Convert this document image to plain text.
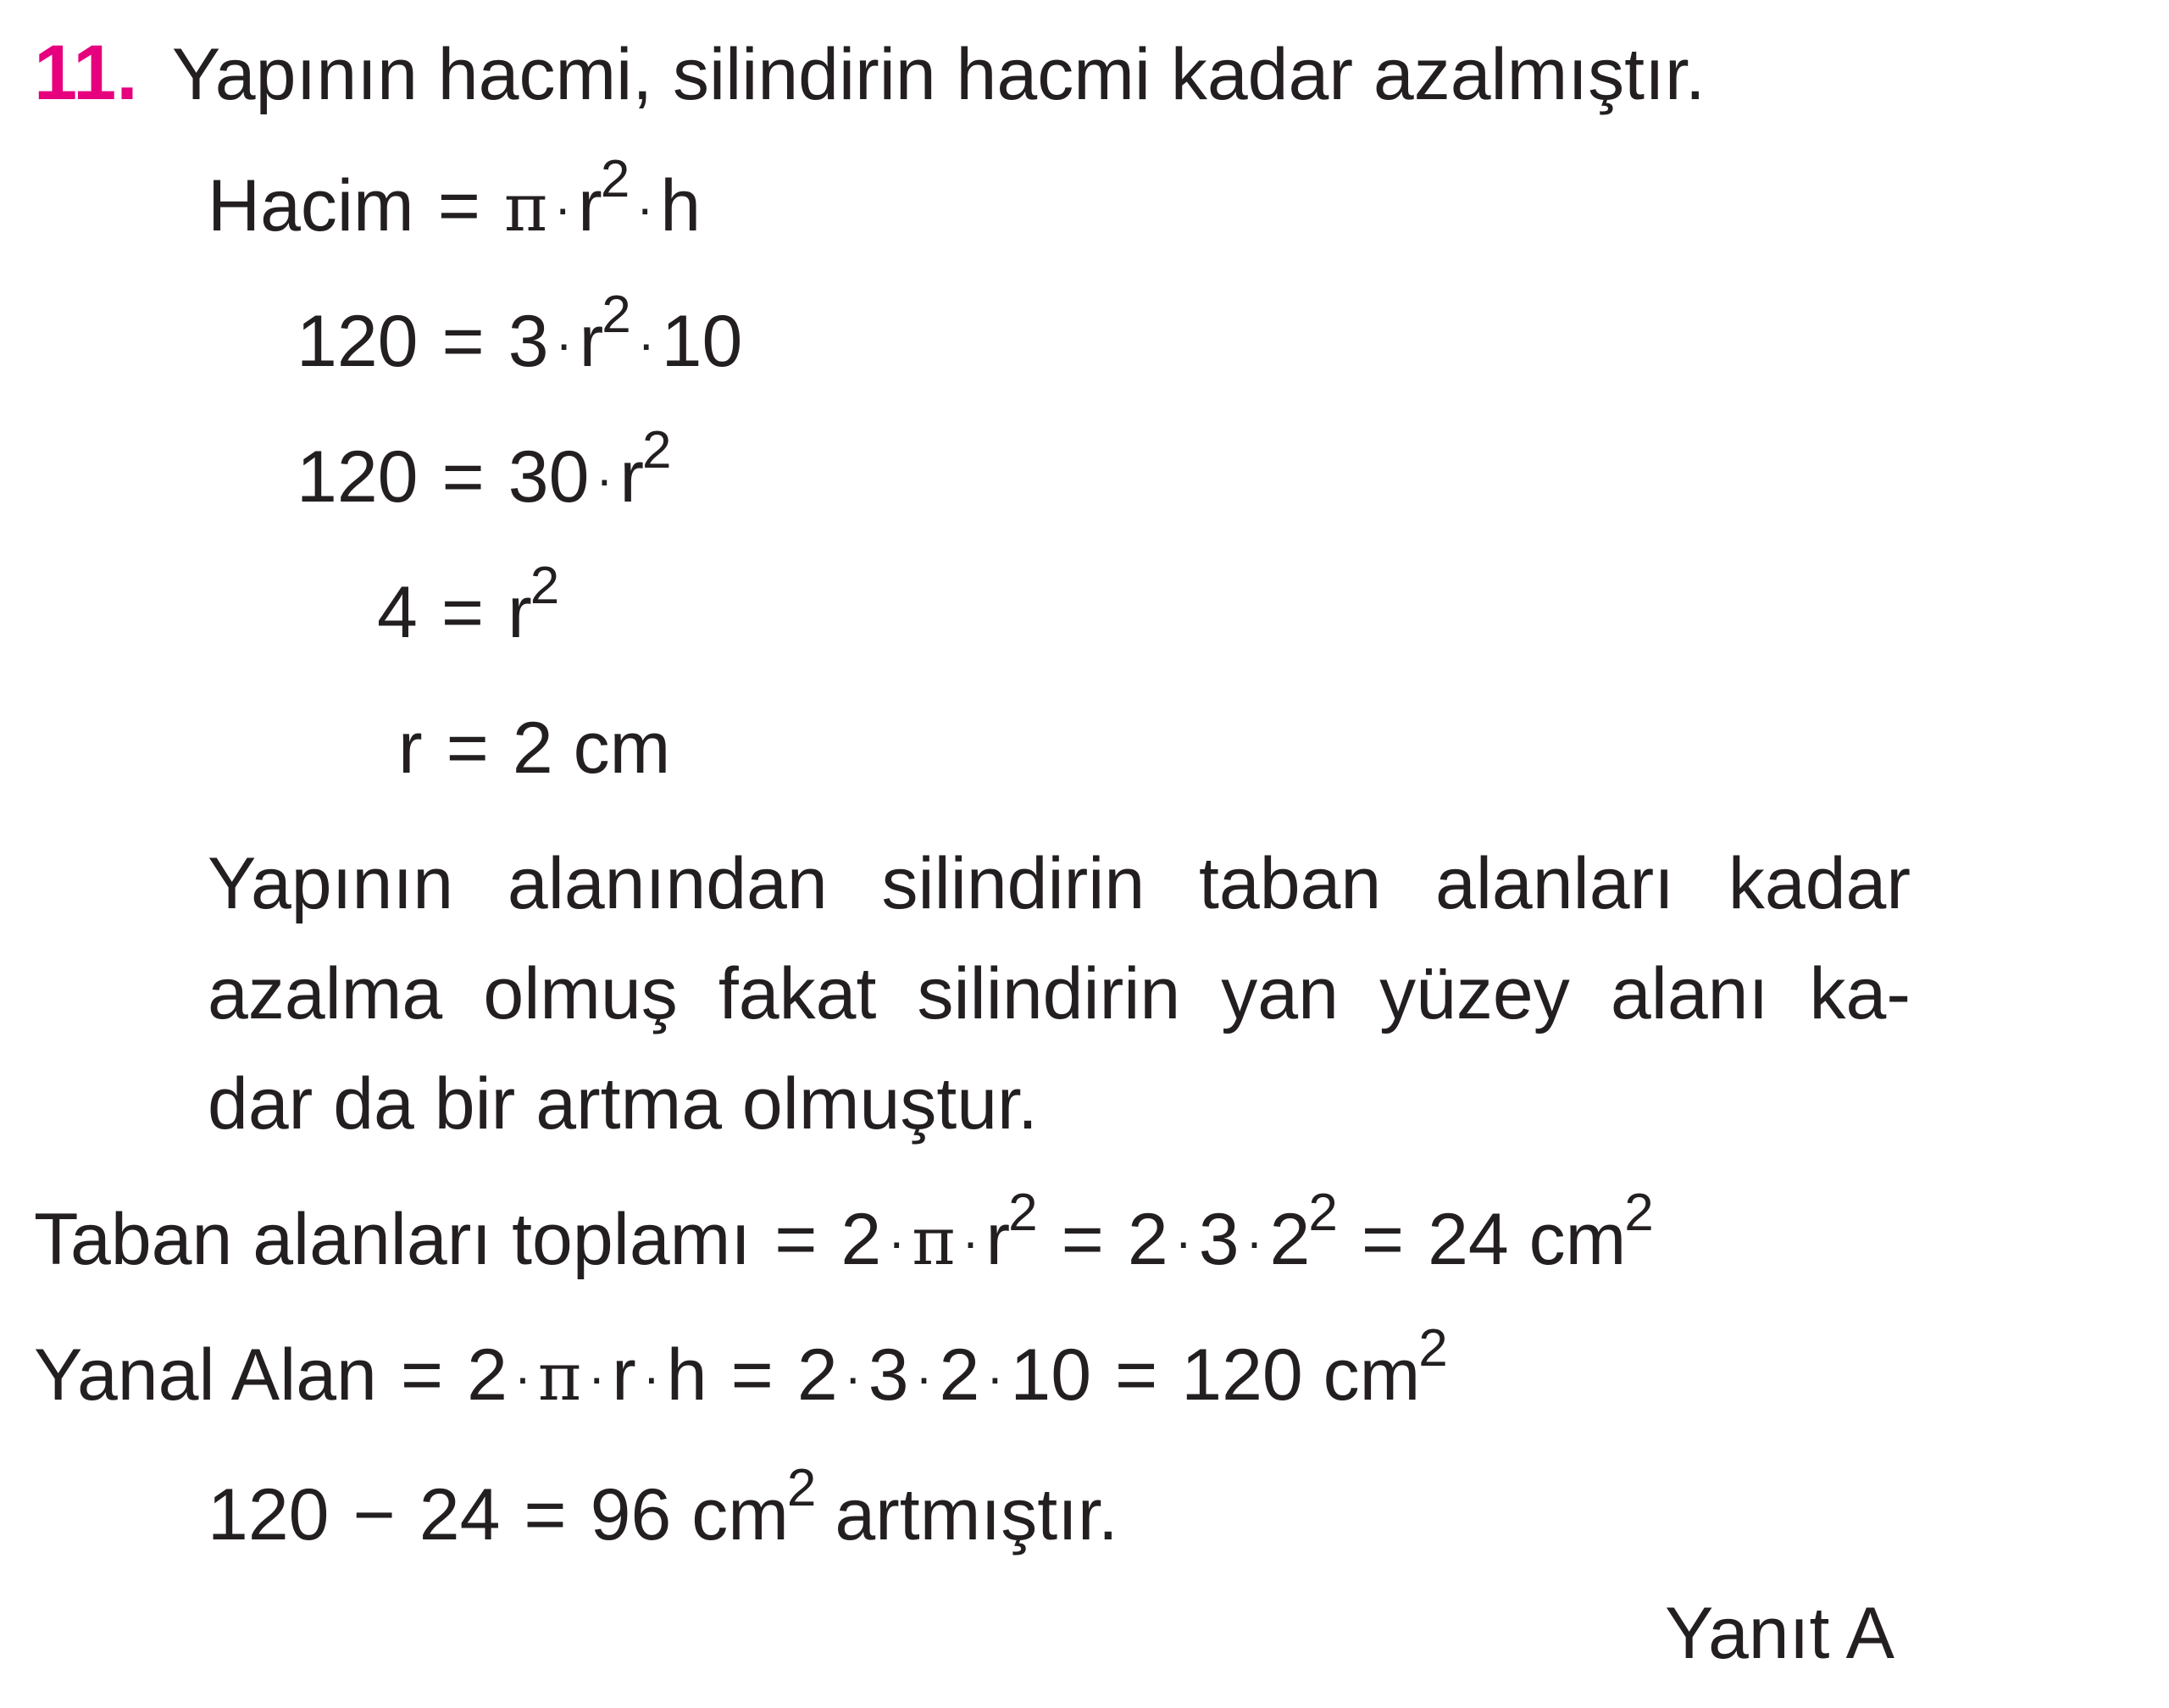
11. Yapının hacmi, silindirin hacmi kadar azalmıştır.
Hacim = $\pi \cdot r^2 \cdot h$
$120 = 3 \cdot r^2 \cdot 10$
$120 = 30 \cdot r^2$
$4 = r^2$
r = 2 cm
Yapının alanından silindirin taban alanları kadar
azalma olmuş fakat silindirin yan yüzey alanı ka-
dar da bir artma olmuştur.
Taban alanları toplamı = $2 \cdot \pi \cdot r^2 = 2 \cdot 3 \cdot 2^2 = 24$ $cm^2$
Yanal Alan = 2 · π ·r ·h = 2 ·3 ·2 ·10 = 120 $cm^2$
120 − 24 = 96 $cm^2$ artmıştır.
Yanıt A
